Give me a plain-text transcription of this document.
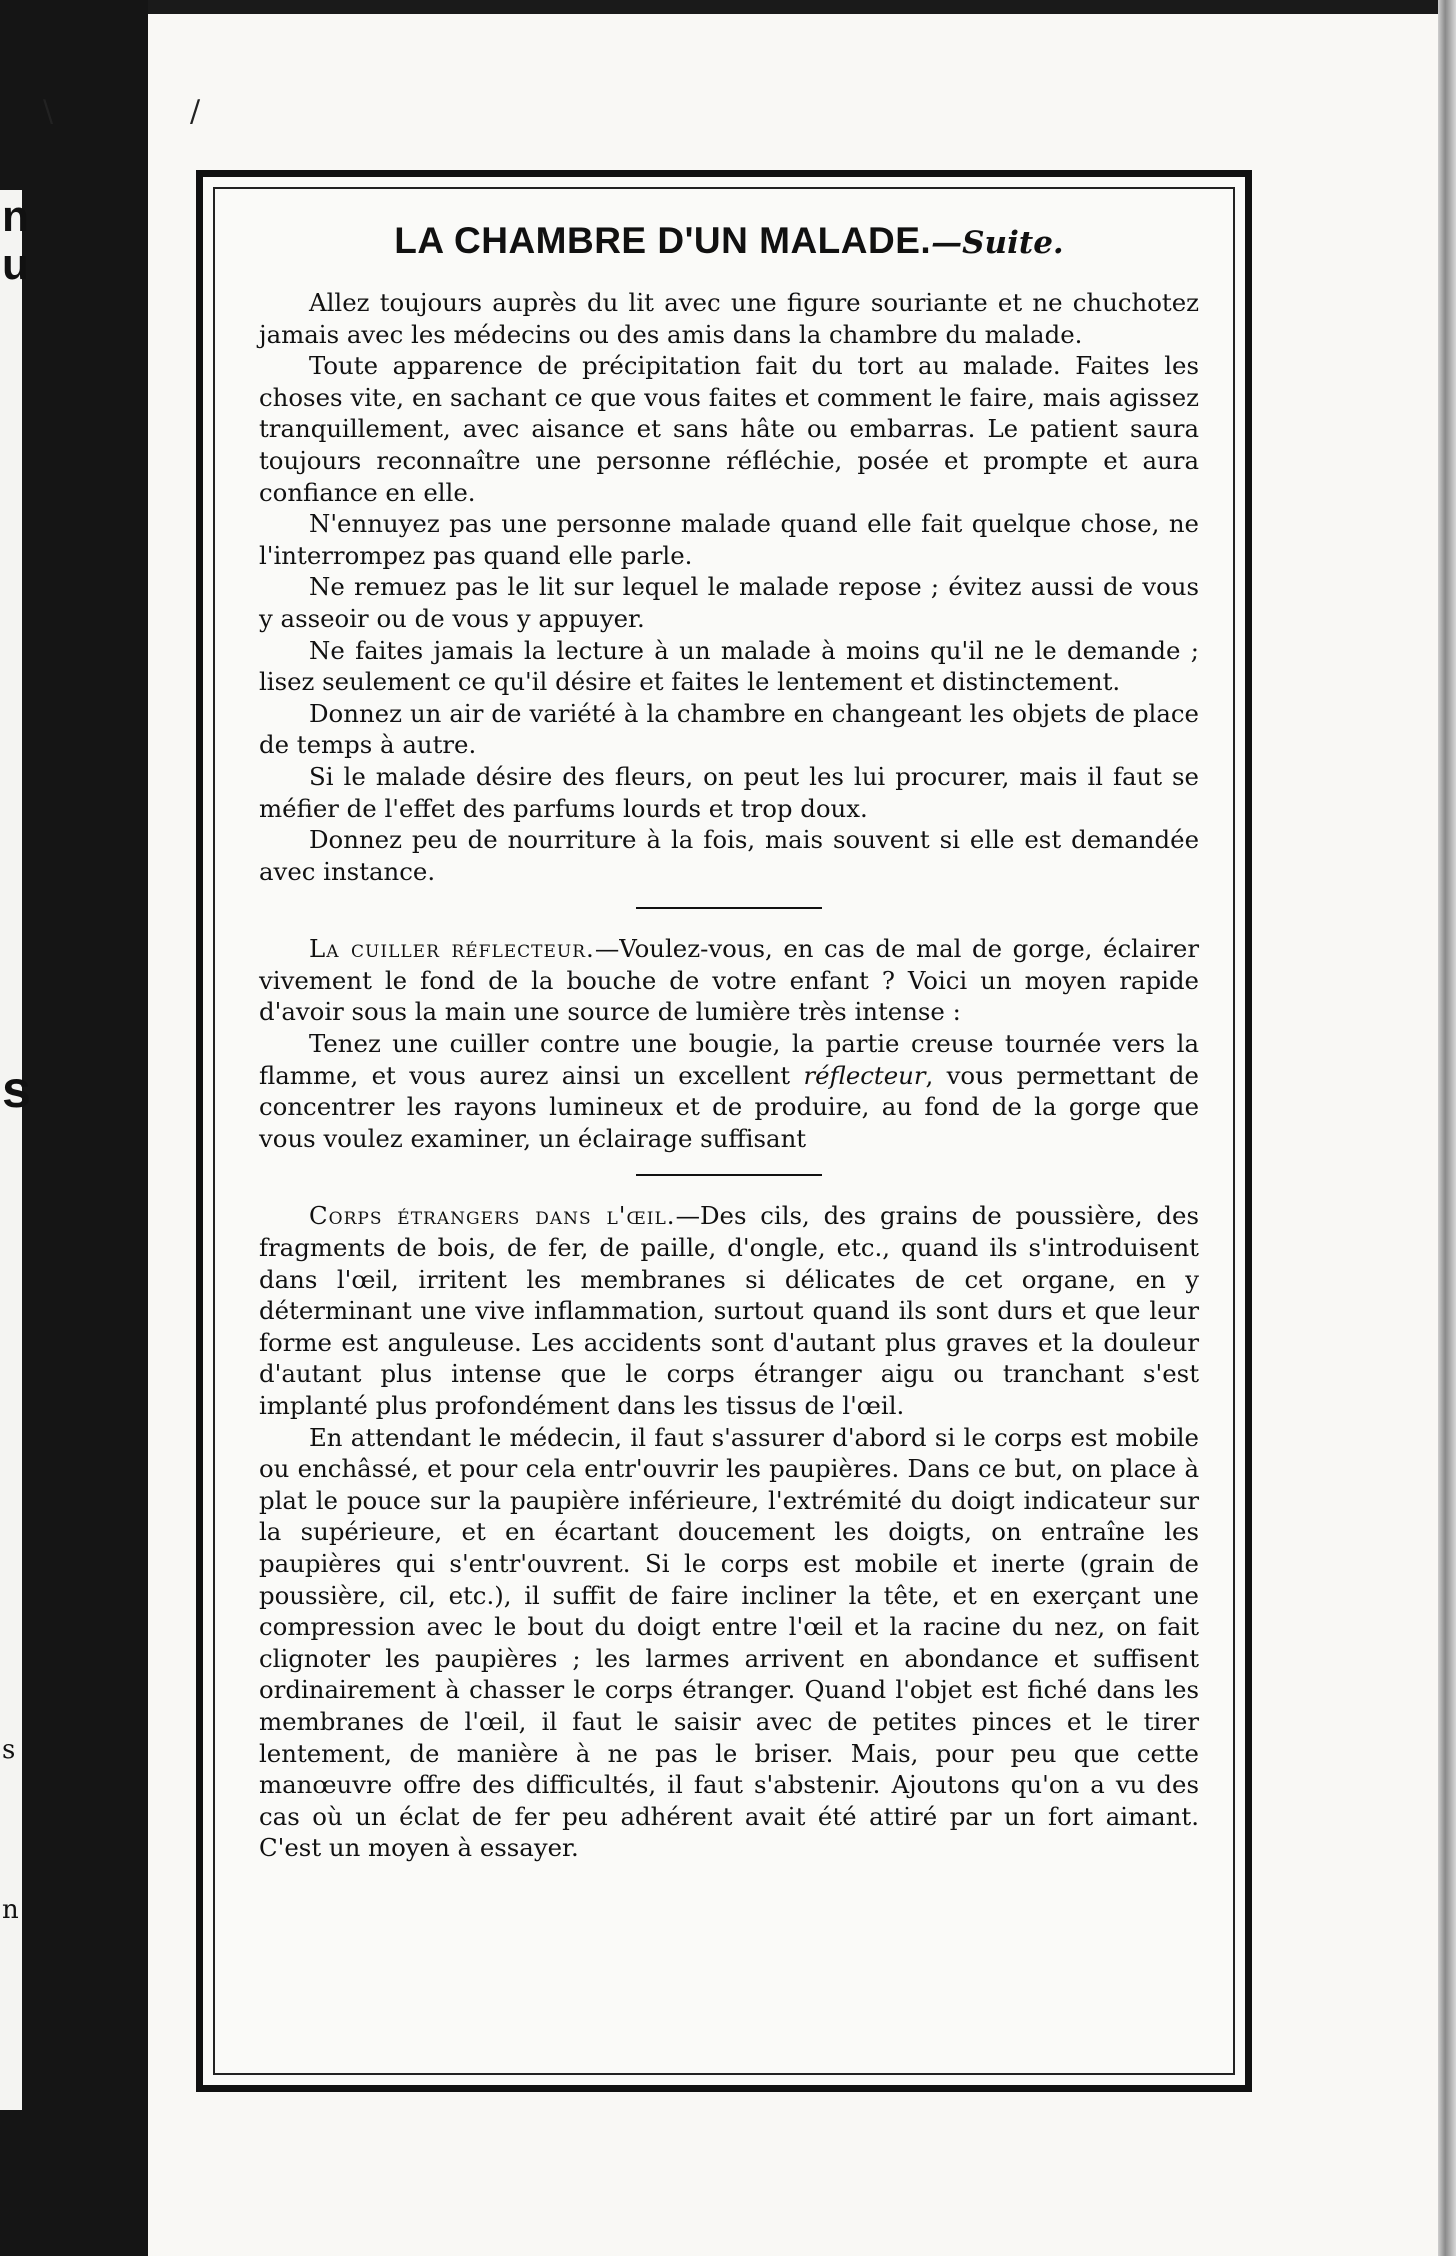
n
u
s
s
n
\	/
LA CHAMBRE D'UN MALADE.—Suite.

Allez toujours auprès du lit avec une figure souriante et ne chuchotez jamais avec les médecins ou des amis dans la chambre du malade.

Toute apparence de précipitation fait du tort au malade. Faites les choses vite, en sachant ce que vous faites et comment le faire, mais agissez tranquillement, avec aisance et sans hâte ou embarras. Le patient saura toujours reconnaître une personne réfléchie, posée et prompte et aura confiance en elle.

N'ennuyez pas une personne malade quand elle fait quelque chose, ne l'interrompez pas quand elle parle.

Ne remuez pas le lit sur lequel le malade repose ; évitez aussi de vous y asseoir ou de vous y appuyer.

Ne faites jamais la lecture à un malade à moins qu'il ne le demande ; lisez seulement ce qu'il désire et faites le lentement et distinctement.

Donnez un air de variété à la chambre en changeant les objets de place de temps à autre.

Si le malade désire des fleurs, on peut les lui procurer, mais il faut se méfier de l'effet des parfums lourds et trop doux.

Donnez peu de nourriture à la fois, mais souvent si elle est demandée avec instance.

La cuiller réflecteur.—Voulez-vous, en cas de mal de gorge, éclairer vivement le fond de la bouche de votre enfant ? Voici un moyen rapide d'avoir sous la main une source de lumière très intense :

Tenez une cuiller contre une bougie, la partie creuse tournée vers la flamme, et vous aurez ainsi un excellent réflecteur, vous permettant de concentrer les rayons lumineux et de produire, au fond de la gorge que vous voulez examiner, un éclairage suffisant

Corps étrangers dans l'œil.—Des cils, des grains de poussière, des fragments de bois, de fer, de paille, d'ongle, etc., quand ils s'introduisent dans l'œil, irritent les membranes si délicates de cet organe, en y déterminant une vive inflammation, surtout quand ils sont durs et que leur forme est anguleuse. Les accidents sont d'autant plus graves et la douleur d'autant plus intense que le corps étranger aigu ou tranchant s'est implanté plus profondément dans les tissus de l'œil.

En attendant le médecin, il faut s'assurer d'abord si le corps est mobile ou enchâssé, et pour cela entr'ouvrir les paupières. Dans ce but, on place à plat le pouce sur la paupière inférieure, l'extrémité du doigt indicateur sur la supérieure, et en écartant doucement les doigts, on entraîne les paupières qui s'entr'ouvrent. Si le corps est mobile et inerte (grain de poussière, cil, etc.), il suffit de faire incliner la tête, et en exerçant une compression avec le bout du doigt entre l'œil et la racine du nez, on fait clignoter les paupières ; les larmes arrivent en abondance et suffisent ordinairement à chasser le corps étranger. Quand l'objet est fiché dans les membranes de l'œil, il faut le saisir avec de petites pinces et le tirer lentement, de manière à ne pas le briser. Mais, pour peu que cette manœuvre offre des difficultés, il faut s'abstenir. Ajoutons qu'on a vu des cas où un éclat de fer peu adhérent avait été attiré par un fort aimant. C'est un moyen à essayer.
